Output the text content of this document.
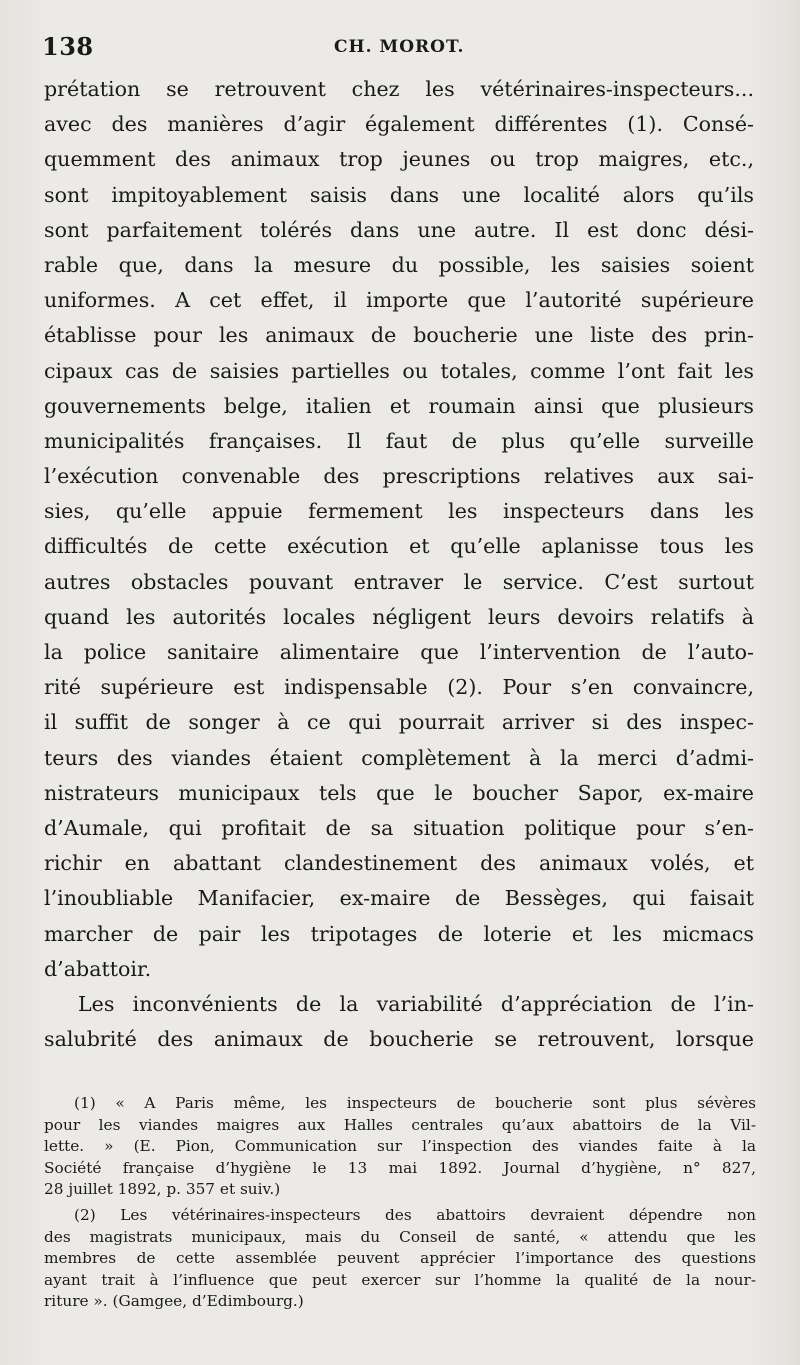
138	CH. MOROT.
prétation se retrouvent chez les vétérinaires-inspecteurs...
avec des manières d’agir également différentes (1). Consé-
quemment des animaux trop jeunes ou trop maigres, etc.,
sont impitoyablement saisis dans une localité alors qu’ils
sont parfaitement tolérés dans une autre. Il est donc dési-
rable que, dans la mesure du possible, les saisies soient
uniformes. A cet effet, il importe que l’autorité supérieure
établisse pour les animaux de boucherie une liste des prin-
cipaux cas de saisies partielles ou totales, comme l’ont fait les
gouvernements belge, italien et roumain ainsi que plusieurs
municipalités françaises. Il faut de plus qu’elle surveille
l’exécution convenable des prescriptions relatives aux sai-
sies, qu’elle appuie fermement les inspecteurs dans les
difficultés de cette exécution et qu’elle aplanisse tous les
autres obstacles pouvant entraver le service. C’est surtout
quand les autorités locales négligent leurs devoirs relatifs à
la police sanitaire alimentaire que l’intervention de l’auto-
rité supérieure est indispensable (2). Pour s’en convaincre,
il suffit de songer à ce qui pourrait arriver si des inspec-
teurs des viandes étaient complètement à la merci d’admi-
nistrateurs municipaux tels que le boucher Sapor, ex-maire
d’Aumale, qui profitait de sa situation politique pour s’en-
richir en abattant clandestinement des animaux volés, et
l’inoubliable Manifacier, ex-maire de Bessèges, qui faisait
marcher de pair les tripotages de loterie et les micmacs
d’abattoir.
Les inconvénients de la variabilité d’appréciation de l’in-
salubrité des animaux de boucherie se retrouvent, lorsque
(1) « A Paris même, les inspecteurs de boucherie sont plus sévères
pour les viandes maigres aux Halles centrales qu’aux abattoirs de la Vil-
lette. » (E. Pion, Communication sur l’inspection des viandes faite à la
Société française d’hygiène le 13 mai 1892. Journal d’hygiène, n° 827,
28 juillet 1892, p. 357 et suiv.)
(2) Les vétérinaires-inspecteurs des abattoirs devraient dépendre non
des magistrats municipaux, mais du Conseil de santé, « attendu que les
membres de cette assemblée peuvent apprécier l’importance des questions
ayant trait à l’influence que peut exercer sur l’homme la qualité de la nour-
riture ». (Gamgee, d’Edimbourg.)
